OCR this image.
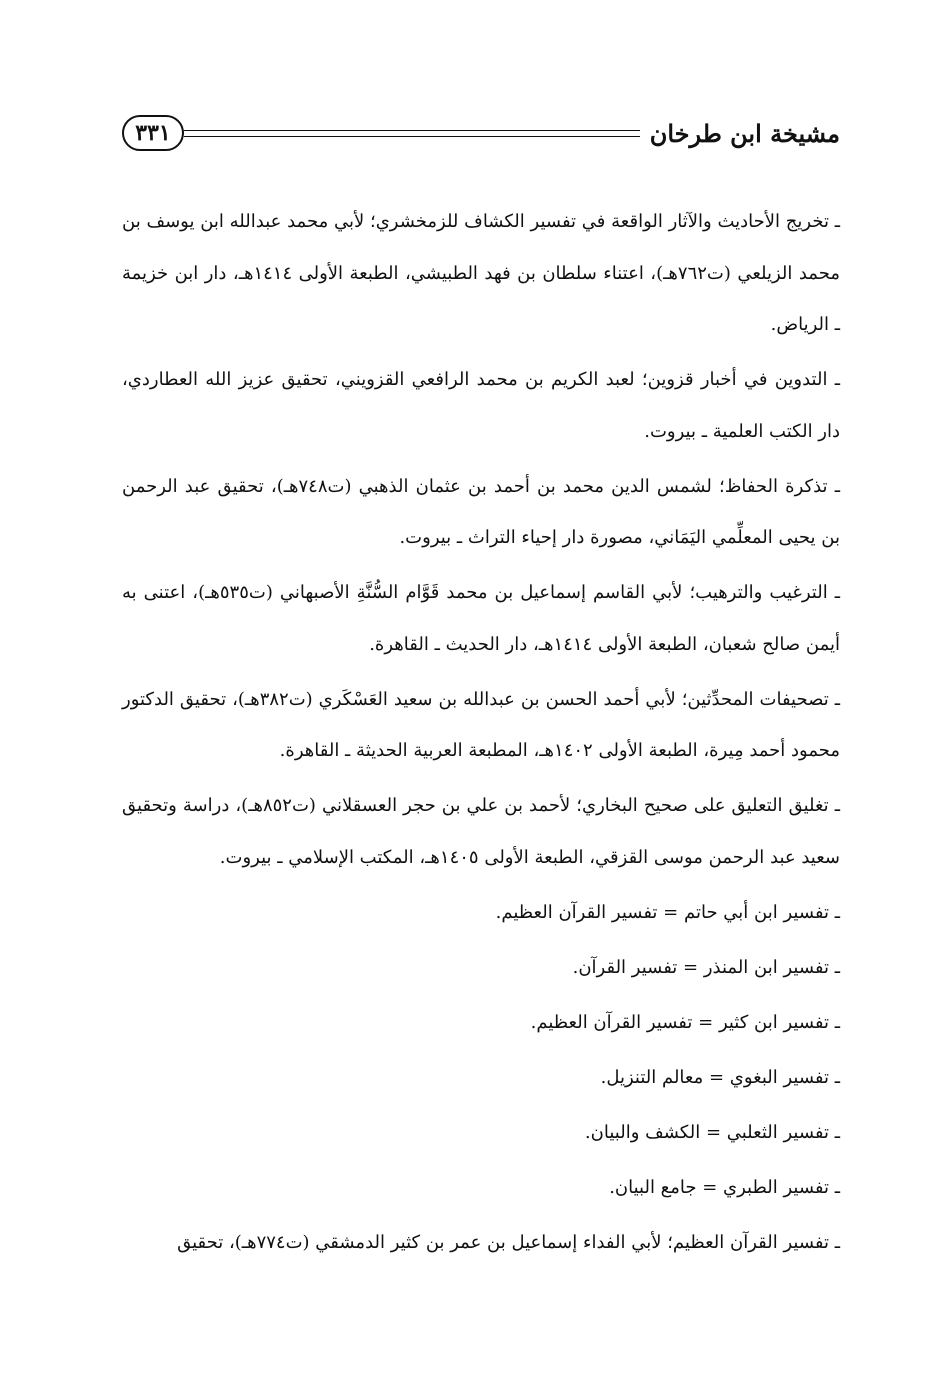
مشيخة ابن طرخان
٣٣١

ـ تخريج الأحاديث والآثار الواقعة في تفسير الكشاف للزمخشري؛ لأبي محمد عبدالله ابن يوسف بن محمد الزيلعي (ت٧٦٢هـ)، اعتناء سلطان بن فهد الطبيشي، الطبعة الأولى ١٤١٤هـ، دار ابن خزيمة ـ الرياض.

ـ التدوين في أخبار قزوين؛ لعبد الكريم بن محمد الرافعي القزويني، تحقيق عزيز الله العطاردي، دار الكتب العلمية ـ بيروت.

ـ تذكرة الحفاظ؛ لشمس الدين محمد بن أحمد بن عثمان الذهبي (ت٧٤٨هـ)، تحقيق عبد الرحمن بن يحيى المعلِّمي اليَمَاني، مصورة دار إحياء التراث ـ بيروت.

ـ الترغيب والترهيب؛ لأبي القاسم إسماعيل بن محمد قَوَّام السُّنَّةِ الأصبهاني (ت٥٣٥هـ)، اعتنى به أيمن صالح شعبان، الطبعة الأولى ١٤١٤هـ، دار الحديث ـ القاهرة.

ـ تصحيفات المحدِّثين؛ لأبي أحمد الحسن بن عبدالله بن سعيد العَسْكَري (ت٣٨٢هـ)، تحقيق الدكتور محمود أحمد مِيرة، الطبعة الأولى ١٤٠٢هـ، المطبعة العربية الحديثة ـ القاهرة.

ـ تغليق التعليق على صحيح البخاري؛ لأحمد بن علي بن حجر العسقلاني (ت٨٥٢هـ)، دراسة وتحقيق سعيد عبد الرحمن موسى القزقي، الطبعة الأولى ١٤٠٥هـ، المكتب الإسلامي ـ بيروت.

ـ تفسير ابن أبي حاتم = تفسير القرآن العظيم.

ـ تفسير ابن المنذر = تفسير القرآن.

ـ تفسير ابن كثير = تفسير القرآن العظيم.

ـ تفسير البغوي = معالم التنزيل.

ـ تفسير الثعلبي = الكشف والبيان.

ـ تفسير الطبري = جامع البيان.

ـ تفسير القرآن العظيم؛ لأبي الفداء إسماعيل بن عمر بن كثير الدمشقي (ت٧٧٤هـ)، تحقيق
